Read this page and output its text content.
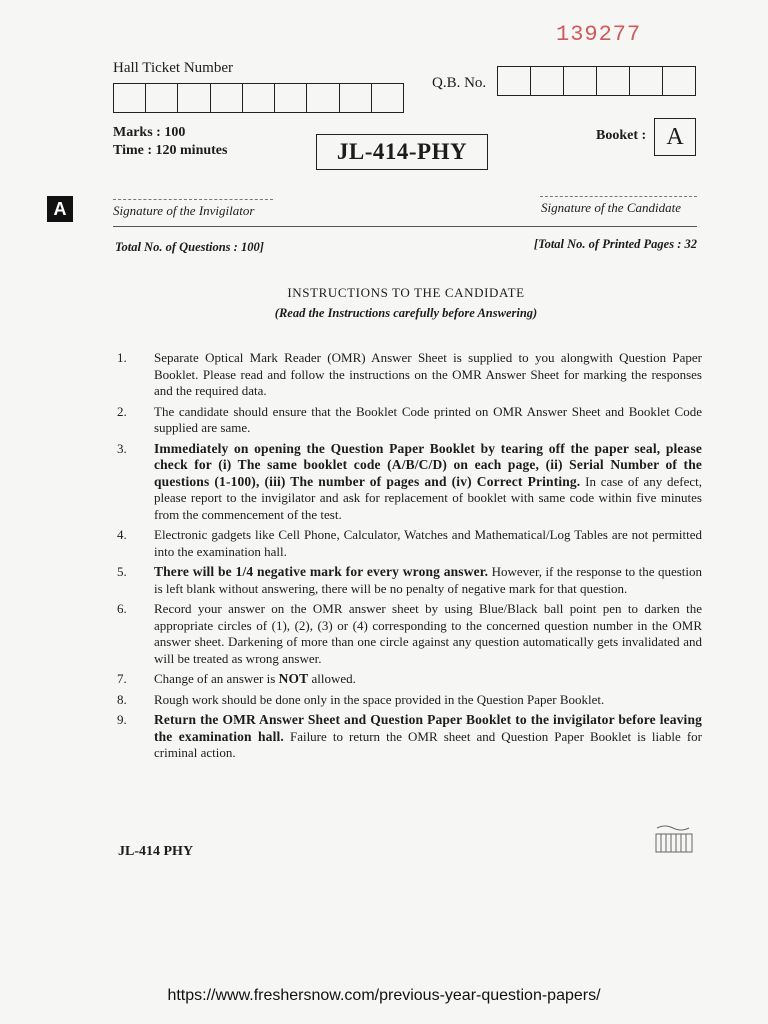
139277
Hall Ticket Number
Q.B. No.
Marks : 100
Time : 120 minutes	JL-414-PHY
Booket : A
A	Signature of the Invigilator	Signature of the Candidate
Total No. of Questions : 100]	[Total No. of Printed Pages : 32
INSTRUCTIONS TO THE CANDIDATE
(Read the Instructions carefully before Answering)
1. Separate Optical Mark Reader (OMR) Answer Sheet is supplied to you alongwith Question Paper Booklet. Please read and follow the instructions on the OMR Answer Sheet for marking the responses and the required data.
2. The candidate should ensure that the Booklet Code printed on OMR Answer Sheet and Booklet Code supplied are same.
3. Immediately on opening the Question Paper Booklet by tearing off the paper seal, please check for (i) The same booklet code (A/B/C/D) on each page, (ii) Serial Number of the questions (1-100), (iii) The number of pages and (iv) Correct Printing. In case of any defect, please report to the invigilator and ask for replacement of booklet with same code within five minutes from the commencement of the test.
4. Electronic gadgets like Cell Phone, Calculator, Watches and Mathematical/Log Tables are not permitted into the examination hall.
5. There will be 1/4 negative mark for every wrong answer. However, if the response to the question is left blank without answering, there will be no penalty of negative mark for that question.
6. Record your answer on the OMR answer sheet by using Blue/Black ball point pen to darken the appropriate circles of (1), (2), (3) or (4) corresponding to the concerned question number in the OMR answer sheet. Darkening of more than one circle against any question automatically gets invalidated and will be treated as wrong answer.
7. Change of an answer is NOT allowed.
8. Rough work should be done only in the space provided in the Question Paper Booklet.
9. Return the OMR Answer Sheet and Question Paper Booklet to the invigilator before leaving the examination hall. Failure to return the OMR sheet and Question Paper Booklet is liable for criminal action.
JL-414 PHY
https://www.freshersnow.com/previous-year-question-papers/
